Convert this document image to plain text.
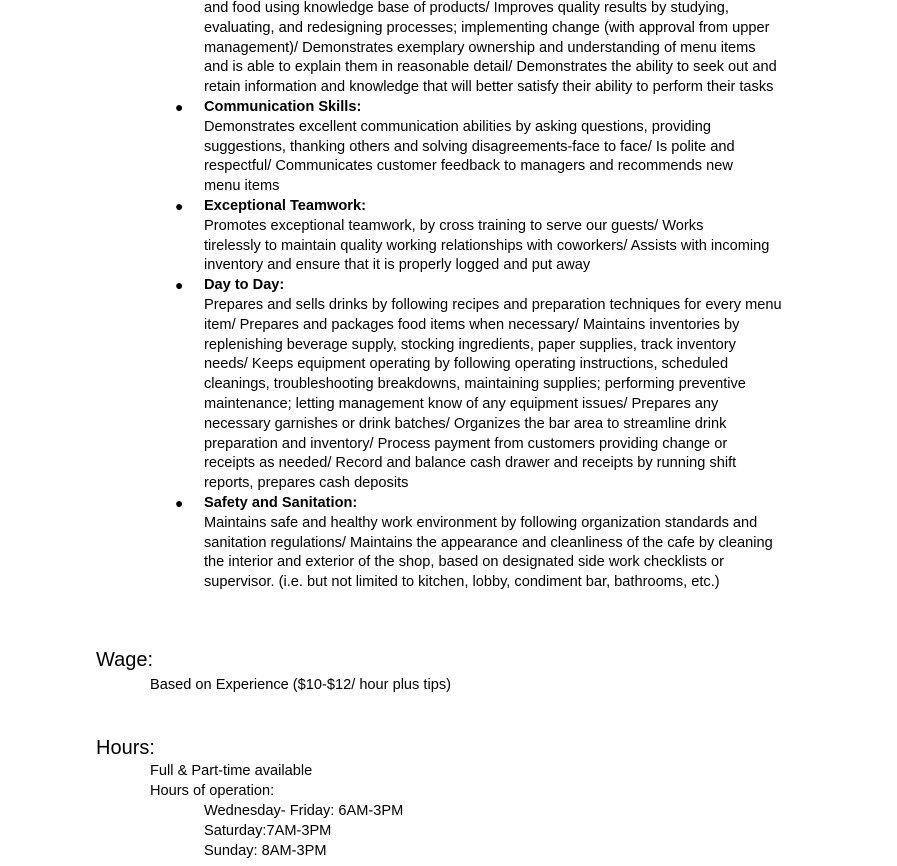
and food using knowledge base of products/ Improves quality results by studying,
evaluating, and redesigning processes; implementing change (with approval from upper
management)/ Demonstrates exemplary ownership and understanding of menu items
and is able to explain them in reasonable detail/ Demonstrates the ability to seek out and
retain information and knowledge that will better satisfy their ability to perform their tasks
● Communication Skills:
Demonstrates excellent communication abilities by asking questions, providing
suggestions, thanking others and solving disagreements-face to face/ Is polite and
respectful/ Communicates customer feedback to managers and recommends new
menu items
● Exceptional Teamwork:
Promotes exceptional teamwork, by cross training to serve our guests/ Works
tirelessly to maintain quality working relationships with coworkers/ Assists with incoming
inventory and ensure that it is properly logged and put away
● Day to Day:
Prepares and sells drinks by following recipes and preparation techniques for every menu
item/ Prepares and packages food items when necessary/ Maintains inventories by
replenishing beverage supply, stocking ingredients, paper supplies, track inventory
needs/ Keeps equipment operating by following operating instructions, scheduled
cleanings, troubleshooting breakdowns, maintaining supplies; performing preventive
maintenance; letting management know of any equipment issues/ Prepares any
necessary garnishes or drink batches/ Organizes the bar area to streamline drink
preparation and inventory/ Process payment from customers providing change or
receipts as needed/ Record and balance cash drawer and receipts by running shift
reports, prepares cash deposits
● Safety and Sanitation:
Maintains safe and healthy work environment by following organization standards and
sanitation regulations/ Maintains the appearance and cleanliness of the cafe by cleaning
the interior and exterior of the shop, based on designated side work checklists or
supervisor. (i.e. but not limited to kitchen, lobby, condiment bar, bathrooms, etc.)
Wage:
Based on Experience ($10-$12/ hour plus tips)
Hours:
Full & Part-time available
Hours of operation:
Wednesday- Friday: 6AM-3PM
Saturday:7AM-3PM
Sunday: 8AM-3PM
